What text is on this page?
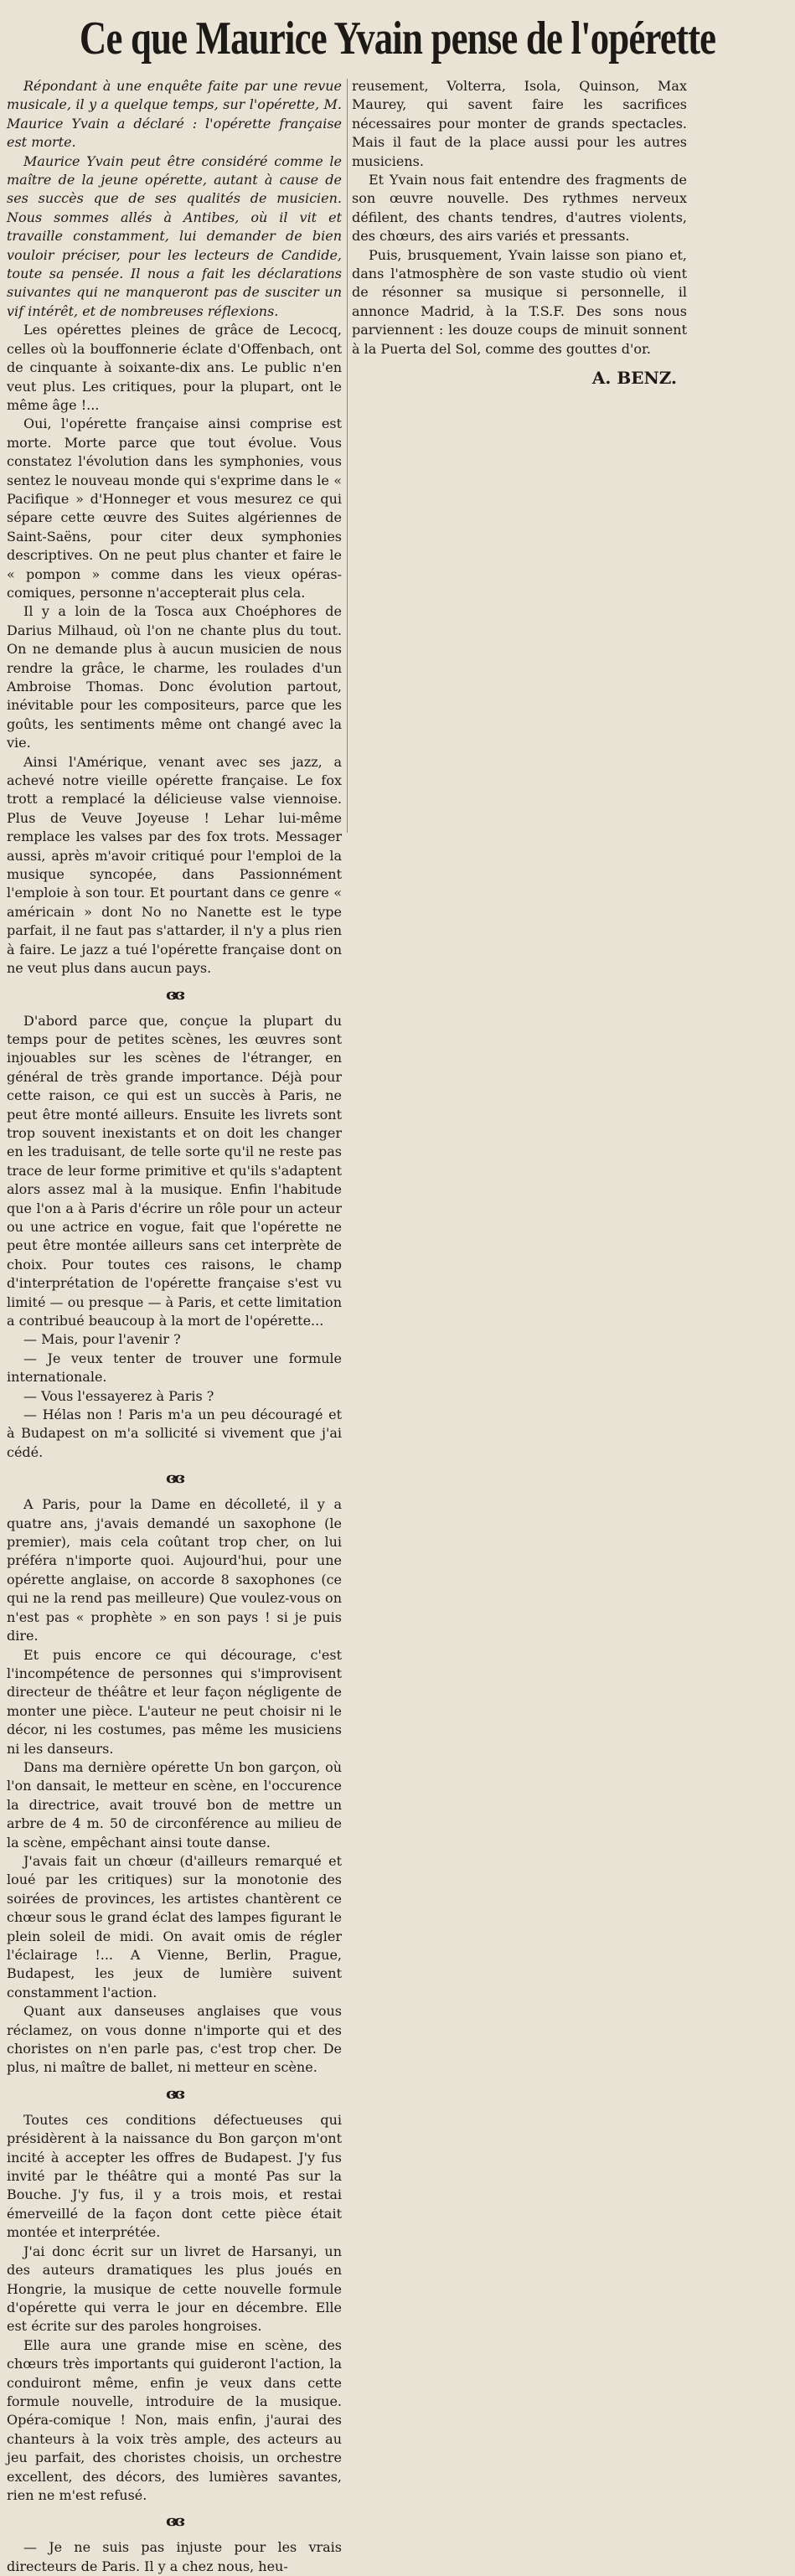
Ce que Maurice Yvain pense de l'opérette

Répondant à une enquête faite par une revue musicale, il y a quelque temps, sur l'opérette, M. Maurice Yvain a déclaré : l'opérette française est morte.

Maurice Yvain peut être considéré comme le maître de la jeune opérette, autant à cause de ses succès que de ses qualités de musicien. Nous sommes allés à Antibes, où il vit et travaille constamment, lui demander de bien vouloir préciser, pour les lecteurs de Candide, toute sa pensée. Il nous a fait les déclarations suivantes qui ne manqueront pas de susciter un vif intérêt, et de nombreuses réflexions.

Les opérettes pleines de grâce de Lecocq, celles où la bouffonnerie éclate d'Offenbach, ont de cinquante à soixante-dix ans. Le public n'en veut plus. Les critiques, pour la plupart, ont le même âge !...

Oui, l'opérette française ainsi comprise est morte. Morte parce que tout évolue. Vous constatez l'évolution dans les symphonies, vous sentez le nouveau monde qui s'exprime dans le « Pacifique » d'Honneger et vous mesurez ce qui sépare cette œuvre des Suites algériennes de Saint-Saëns, pour citer deux symphonies descriptives. On ne peut plus chanter et faire le « pompon » comme dans les vieux opéras-comiques, personne n'accepterait plus cela.

Il y a loin de la Tosca aux Choéphores de Darius Milhaud, où l'on ne chante plus du tout. On ne demande plus à aucun musicien de nous rendre la grâce, le charme, les roulades d'un Ambroise Thomas. Donc évolution partout, inévitable pour les compositeurs, parce que les goûts, les sentiments même ont changé avec la vie.

Ainsi l'Amérique, venant avec ses jazz, a achevé notre vieille opérette française. Le fox trott a remplacé la délicieuse valse viennoise. Plus de Veuve Joyeuse ! Lehar lui-même remplace les valses par des fox trots. Messager aussi, après m'avoir critiqué pour l'emploi de la musique syncopée, dans Passionnément l'emploie à son tour. Et pourtant dans ce genre « américain » dont No no Nanette est le type parfait, il ne faut pas s'attarder, il n'y a plus rien à faire. Le jazz a tué l'opérette française dont on ne veut plus dans aucun pays.

ɞɞ

D'abord parce que, conçue la plupart du temps pour de petites scènes, les œuvres sont injouables sur les scènes de l'étranger, en général de très grande importance. Déjà pour cette raison, ce qui est un succès à Paris, ne peut être monté ailleurs. Ensuite les livrets sont trop souvent inexistants et on doit les changer en les traduisant, de telle sorte qu'il ne reste pas trace de leur forme primitive et qu'ils s'adaptent alors assez mal à la musique. Enfin l'habitude que l'on a à Paris d'écrire un rôle pour un acteur ou une actrice en vogue, fait que l'opérette ne peut être montée ailleurs sans cet interprète de choix. Pour toutes ces raisons, le champ d'interprétation de l'opérette française s'est vu limité — ou presque — à Paris, et cette limitation a contribué beaucoup à la mort de l'opérette...

— Mais, pour l'avenir ?

— Je veux tenter de trouver une formule internationale.

— Vous l'essayerez à Paris ?

— Hélas non ! Paris m'a un peu découragé et à Budapest on m'a sollicité si vivement que j'ai cédé.

ɞɞ

A Paris, pour la Dame en décolleté, il y a quatre ans, j'avais demandé un saxophone (le premier), mais cela coûtant trop cher, on lui préféra n'importe quoi. Aujourd'hui, pour une opérette anglaise, on accorde 8 saxophones (ce qui ne la rend pas meilleure) Que voulez-vous on n'est pas « prophète » en son pays ! si je puis dire.

Et puis encore ce qui décourage, c'est l'incompétence de personnes qui s'improvisent directeur de théâtre et leur façon négligente de monter une pièce. L'auteur ne peut choisir ni le décor, ni les costumes, pas même les musiciens ni les danseurs.

Dans ma dernière opérette Un bon garçon, où l'on dansait, le metteur en scène, en l'occurence la directrice, avait trouvé bon de mettre un arbre de 4 m. 50 de circonférence au milieu de la scène, empêchant ainsi toute danse.

J'avais fait un chœur (d'ailleurs remarqué et loué par les critiques) sur la monotonie des soirées de provinces, les artistes chantèrent ce chœur sous le grand éclat des lampes figurant le plein soleil de midi. On avait omis de régler l'éclairage !... A Vienne, Berlin, Prague, Budapest, les jeux de lumière suivent constamment l'action.

Quant aux danseuses anglaises que vous réclamez, on vous donne n'importe qui et des choristes on n'en parle pas, c'est trop cher. De plus, ni maître de ballet, ni metteur en scène.

ɞɞ

Toutes ces conditions défectueuses qui présidèrent à la naissance du Bon garçon m'ont incité à accepter les offres de Budapest. J'y fus invité par le théâtre qui a monté Pas sur la Bouche. J'y fus, il y a trois mois, et restai émerveillé de la façon dont cette pièce était montée et interprétée.

J'ai donc écrit sur un livret de Harsanyi, un des auteurs dramatiques les plus joués en Hongrie, la musique de cette nouvelle formule d'opérette qui verra le jour en décembre. Elle est écrite sur des paroles hongroises.

Elle aura une grande mise en scène, des chœurs très importants qui guideront l'action, la conduiront même, enfin je veux dans cette formule nouvelle, introduire de la musique. Opéra-comique ! Non, mais enfin, j'aurai des chanteurs à la voix très ample, des acteurs au jeu parfait, des choristes choisis, un orchestre excellent, des décors, des lumières savantes, rien ne m'est refusé.

ɞɞ

— Je ne suis pas injuste pour les vrais directeurs de Paris. Il y a chez nous, heu-

reusement, Volterra, Isola, Quinson, Max Maurey, qui savent faire les sacrifices nécessaires pour monter de grands spectacles. Mais il faut de la place aussi pour les autres musiciens.

Et Yvain nous fait entendre des fragments de son œuvre nouvelle. Des rythmes nerveux défilent, des chants tendres, d'autres violents, des chœurs, des airs variés et pressants.

Puis, brusquement, Yvain laisse son piano et, dans l'atmosphère de son vaste studio où vient de résonner sa musique si personnelle, il annonce Madrid, à la T.S.F. Des sons nous parviennent : les douze coups de minuit sonnent à la Puerta del Sol, comme des gouttes d'or.

A. BENZ.
